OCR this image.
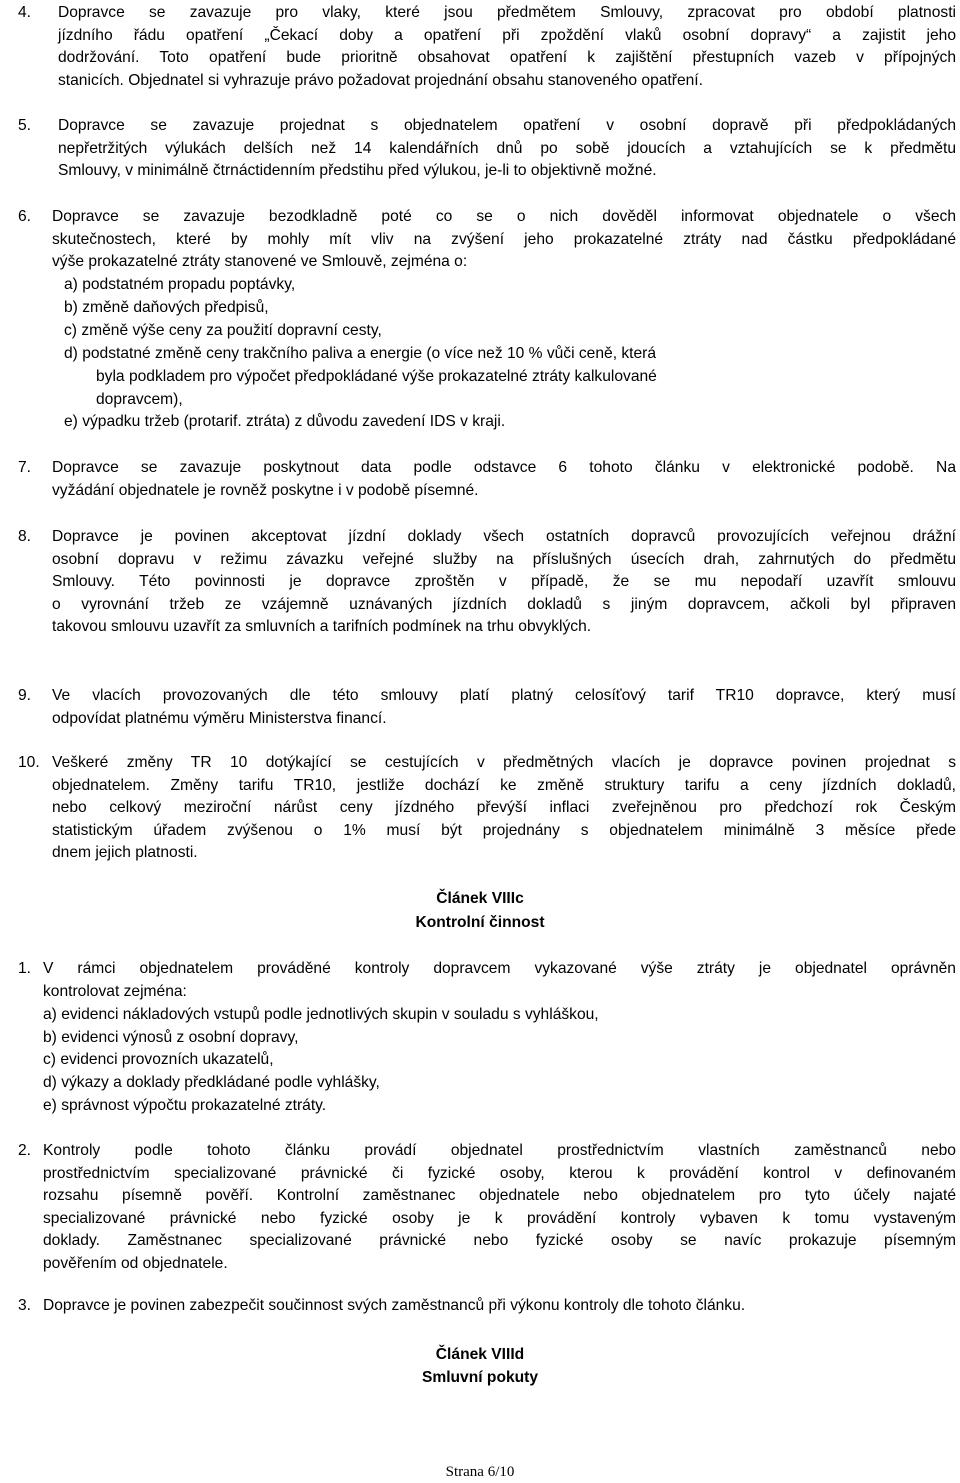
4. Dopravce se zavazuje pro vlaky, které jsou předmětem Smlouvy, zpracovat pro období platnosti
jízdního řádu opatření „Čekací doby a opatření při zpoždění vlaků osobní dopravy“ a zajistit jeho
dodržování. Toto opatření bude prioritně obsahovat opatření k zajištění přestupních vazeb v přípojných
stanicích. Objednatel si vyhrazuje právo požadovat projednání obsahu stanoveného opatření.
5. Dopravce se zavazuje projednat s objednatelem opatření v osobní dopravě při předpokládaných
nepřetržitých výlukách delších než 14 kalendářních dnů po sobě jdoucích a vztahujících se k předmětu
Smlouvy, v minimálně čtrnáctidenním předstihu před výlukou, je-li to objektivně možné.
6. Dopravce se zavazuje bezodkladně poté co se o nich dověděl informovat objednatele o všech
skutečnostech, které by mohly mít vliv na zvýšení jeho prokazatelné ztráty nad částku předpokládané
výše prokazatelné ztráty stanovené ve Smlouvě, zejména o:
a) podstatném propadu poptávky,
b) změně daňových předpisů,
c) změně výše ceny za použití dopravní cesty,
d) podstatné změně ceny trakčního paliva a energie (o více než 10 % vůči ceně, která
byla podkladem pro výpočet předpokládané výše prokazatelné ztráty kalkulované
dopravcem),
e) výpadku tržeb (protarif. ztráta) z důvodu zavedení IDS v kraji.
7. Dopravce se zavazuje poskytnout data podle odstavce 6 tohoto článku v elektronické podobě. Na
vyžádání objednatele je rovněž poskytne i v podobě písemné.
8. Dopravce je povinen akceptovat jízdní doklady všech ostatních dopravců provozujících veřejnou drážní
osobní dopravu v režimu závazku veřejné služby na příslušných úsecích drah, zahrnutých do předmětu
Smlouvy. Této povinnosti je dopravce zproštěn v případě, že se mu nepodaří uzavřít smlouvu
o vyrovnání tržeb ze vzájemně uznávaných jízdních dokladů s jiným dopravcem, ačkoli byl připraven
takovou smlouvu uzavřít za smluvních a tarifních podmínek na trhu obvyklých.
9. Ve vlacích provozovaných dle této smlouvy platí platný celosíťový tarif TR10 dopravce, který musí
odpovídat platnému výměru Ministerstva financí.
10. Veškeré změny TR 10 dotýkající se cestujících v předmětných vlacích je dopravce povinen projednat s
objednatelem. Změny tarifu TR10, jestliže dochází ke změně struktury tarifu a ceny jízdních dokladů,
nebo celkový meziroční nárůst ceny jízdného převýší inflaci zveřejněnou pro předchozí rok Českým
statistickým úřadem zvýšenou o 1% musí být projednány s objednatelem minimálně 3 měsíce přede
dnem jejich platnosti.
Článek VIIIc
Kontrolní činnost
1. V rámci objednatelem prováděné kontroly dopravcem vykazované výše ztráty je objednatel oprávněn
kontrolovat zejména:
a) evidenci nákladových vstupů podle jednotlivých skupin v souladu s vyhláškou,
b) evidenci výnosů z osobní dopravy,
c) evidenci provozních ukazatelů,
d) výkazy a doklady předkládané podle vyhlášky,
e) správnost výpočtu prokazatelné ztráty.
2. Kontroly podle tohoto článku provádí objednatel prostřednictvím vlastních zaměstnanců nebo
prostřednictvím specializované právnické či fyzické osoby, kterou k provádění kontrol v definovaném
rozsahu písemně pověří. Kontrolní zaměstnanec objednatele nebo objednatelem pro tyto účely najaté
specializované právnické nebo fyzické osoby je k provádění kontroly vybaven k tomu vystaveným
doklady. Zaměstnanec specializované právnické nebo fyzické osoby se navíc prokazuje písemným
pověřením od objednatele.
3. Dopravce je povinen zabezpečit součinnost svých zaměstnanců při výkonu kontroly dle tohoto článku.
Článek VIIId
Smluvní pokuty
Strana 6/10
